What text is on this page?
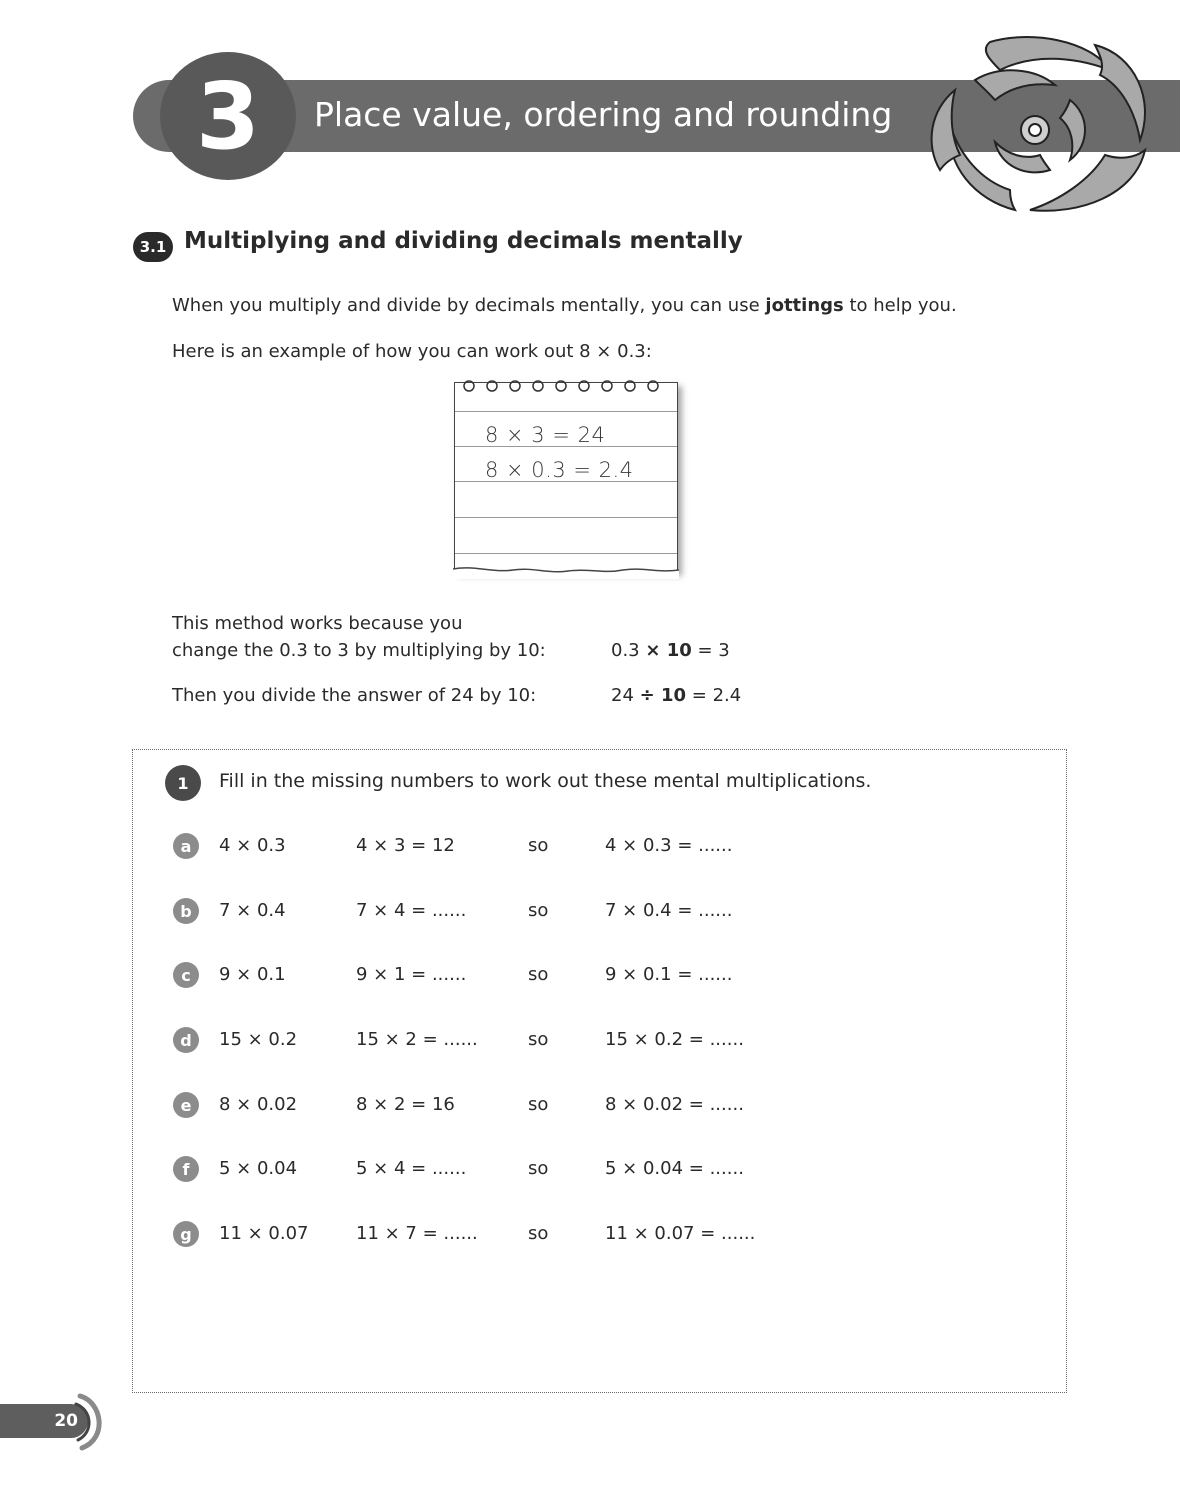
3	Place value, ordering and rounding
3.1 Multiplying and dividing decimals mentally
When you multiply and divide by decimals mentally, you can use jottings to help you.
Here is an example of how you can work out 8 × 0.3:
8 × 3 = 24
8 × 0.3 = 2.4
This method works because you
change the 0.3 to 3 by multiplying by 10:	0.3 × 10 = 3
Then you divide the answer of 24 by 10:	24 ÷ 10 = 2.4
1	Fill in the missing numbers to work out these mental multiplications.
a	4 × 0.3	4 × 3 = 12	so	4 × 0.3 = ......
b	7 × 0.4	7 × 4 = ......	so	7 × 0.4 = ......
c	9 × 0.1	9 × 1 = ......	so	9 × 0.1 = ......
d	15 × 0.2	15 × 2 = ......	so	15 × 0.2 = ......
e	8 × 0.02	8 × 2 = 16	so	8 × 0.02 = ......
f	5 × 0.04	5 × 4 = ......	so	5 × 0.04 = ......
g	11 × 0.07	11 × 7 = ......	so	11 × 0.07 = ......
20
